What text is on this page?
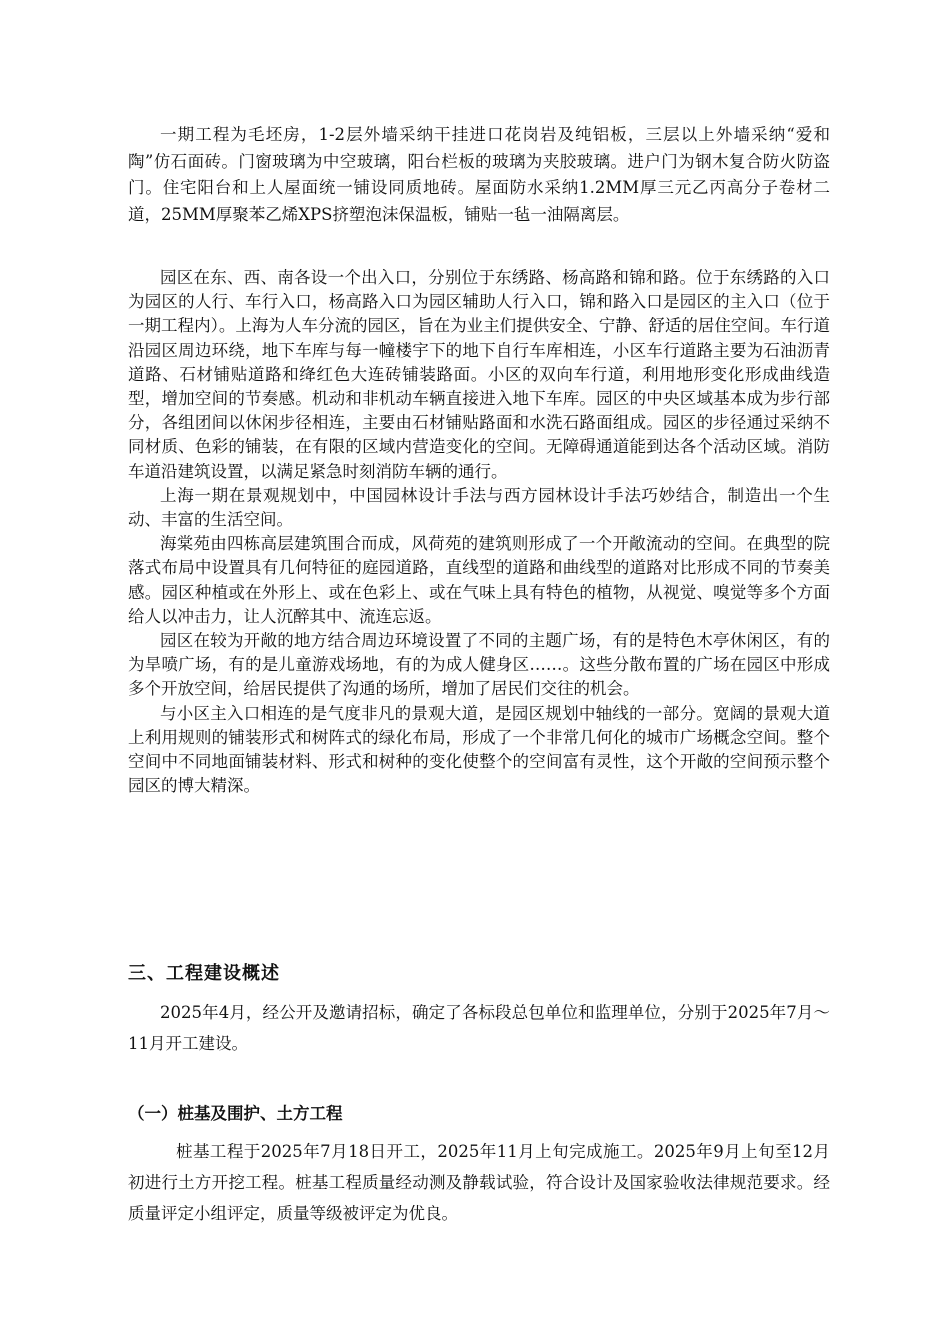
一期工程为毛坯房，1-2层外墙采纳干挂进口花岗岩及纯铝板，三层以上外墙采纳“爱和陶”仿石面砖。门窗玻璃为中空玻璃，阳台栏板的玻璃为夹胶玻璃。进户门为钢木复合防火防盗门。住宅阳台和上人屋面统一铺设同质地砖。屋面防水采纳1.2MM厚三元乙丙高分子卷材二道，25MM厚聚苯乙烯XPS挤塑泡沫保温板，铺贴一毡一油隔离层。

园区在东、西、南各设一个出入口，分别位于东绣路、杨高路和锦和路。位于东绣路的入口为园区的人行、车行入口，杨高路入口为园区辅助人行入口，锦和路入口是园区的主入口（位于一期工程内）。上海为人车分流的园区，旨在为业主们提供安全、宁静、舒适的居住空间。车行道沿园区周边环绕，地下车库与每一幢楼宇下的地下自行车库相连，小区车行道路主要为石油沥青道路、石材铺贴道路和绛红色大连砖铺装路面。小区的双向车行道，利用地形变化形成曲线造型，增加空间的节奏感。机动和非机动车辆直接进入地下车库。园区的中央区域基本成为步行部分，各组团间以休闲步径相连，主要由石材铺贴路面和水洗石路面组成。园区的步径通过采纳不同材质、色彩的铺装，在有限的区域内营造变化的空间。无障碍通道能到达各个活动区域。消防车道沿建筑设置，以满足紧急时刻消防车辆的通行。

上海一期在景观规划中，中国园林设计手法与西方园林设计手法巧妙结合，制造出一个生动、丰富的生活空间。

海棠苑由四栋高层建筑围合而成，风荷苑的建筑则形成了一个开敞流动的空间。在典型的院落式布局中设置具有几何特征的庭园道路，直线型的道路和曲线型的道路对比形成不同的节奏美感。园区种植或在外形上、或在色彩上、或在气味上具有特色的植物，从视觉、嗅觉等多个方面给人以冲击力，让人沉醉其中、流连忘返。

园区在较为开敞的地方结合周边环境设置了不同的主题广场，有的是特色木亭休闲区，有的为旱喷广场，有的是儿童游戏场地，有的为成人健身区……。这些分散布置的广场在园区中形成多个开放空间，给居民提供了沟通的场所，增加了居民们交往的机会。

与小区主入口相连的是气度非凡的景观大道，是园区规划中轴线的一部分。宽阔的景观大道上利用规则的铺装形式和树阵式的绿化布局，形成了一个非常几何化的城市广场概念空间。整个空间中不同地面铺装材料、形式和树种的变化使整个的空间富有灵性，这个开敞的空间预示整个园区的博大精深。

三、工程建设概述

2025年4月，经公开及邀请招标，确定了各标段总包单位和监理单位，分别于2025年7月～11月开工建设。

（一）桩基及围护、土方工程

桩基工程于2025年7月18日开工，2025年11月上旬完成施工。2025年9月上旬至12月初进行土方开挖工程。桩基工程质量经动测及静载试验，符合设计及国家验收法律规范要求。经质量评定小组评定，质量等级被评定为优良。
